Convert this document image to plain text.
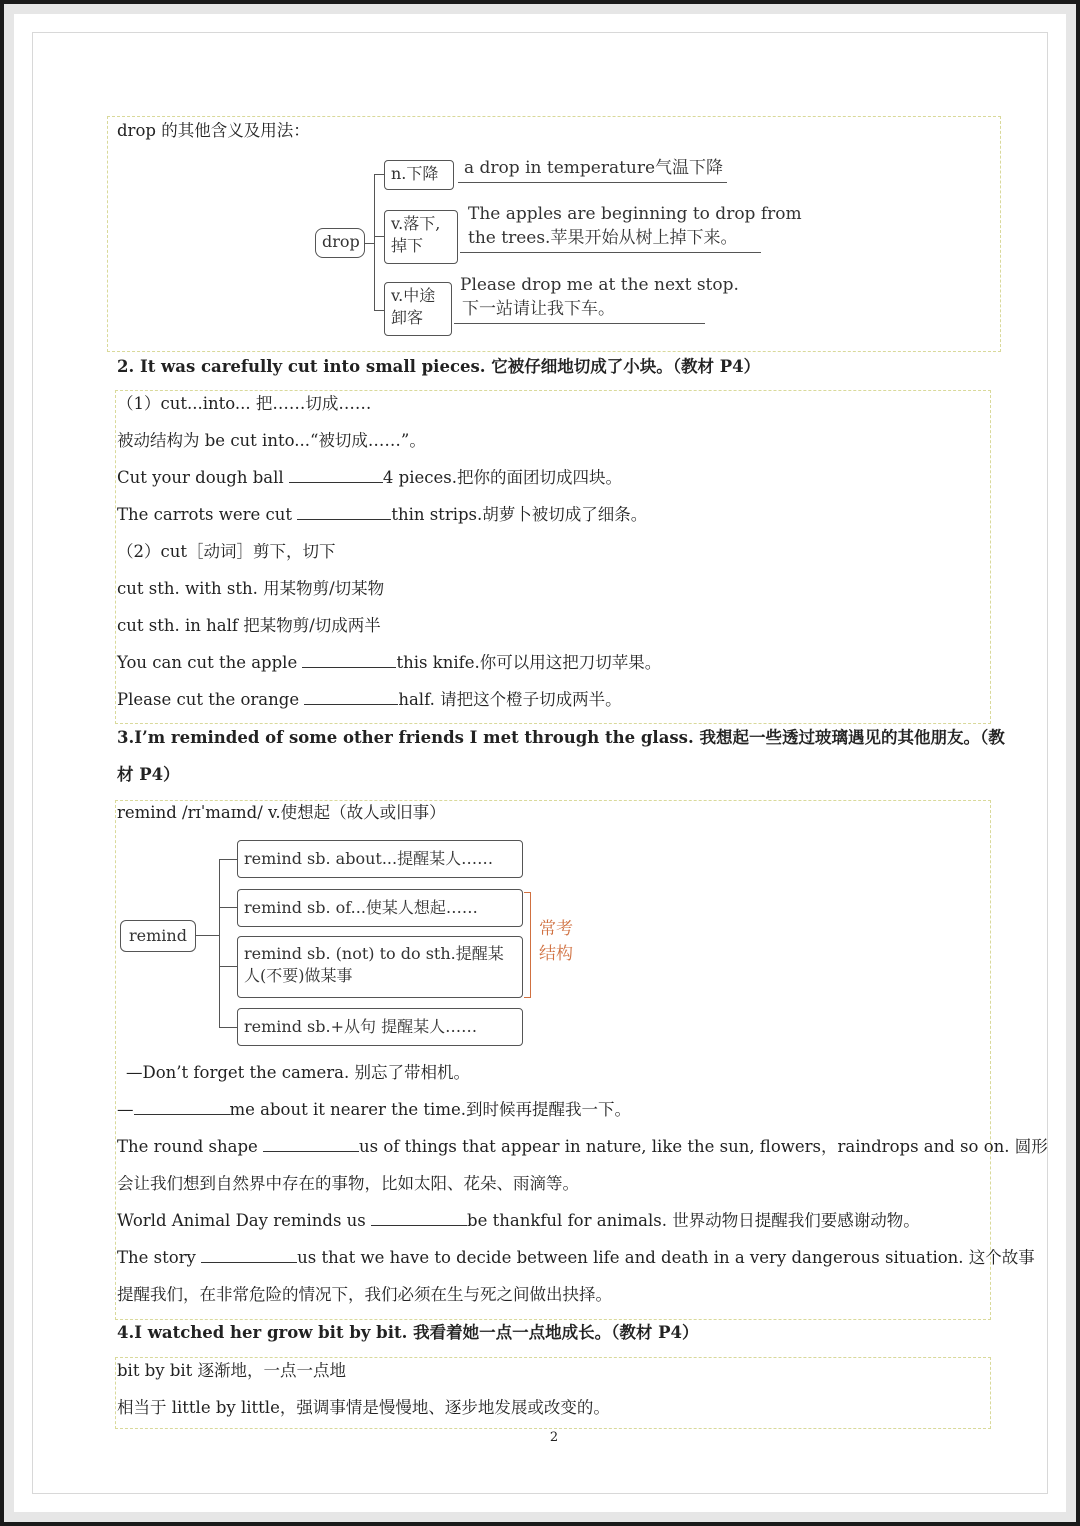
drop 的其他含义及用法：
drop
n.下降
v.落下,
掉下
v.中途
卸客
a drop in temperature气温下降
The apples are beginning to drop from
the trees.苹果开始从树上掉下来。
Please drop me at the next stop.
下一站请让我下车。
2. It was carefully cut into small pieces. 它被仔细地切成了小块。（教材 P4）
（1）cut...into... 把……切成……
被动结构为 be cut into...“被切成……”。
Cut your dough ball	4 pieces.把你的面团切成四块。
The carrots were cut	thin strips.胡萝卜被切成了细条。
（2）cut［动词］剪下，切下
cut sth. with sth. 用某物剪/切某物
cut sth. in half 把某物剪/切成两半
You can cut the apple	this knife.你可以用这把刀切苹果。
Please cut the orange	half. 请把这个橙子切成两半。
3.I’m reminded of some other friends I met through the glass. 我想起一些透过玻璃遇见的其他朋友。（教
材 P4）
remind /rɪˈmaɪnd/ v.使想起（故人或旧事）
remind
remind sb. about...提醒某人……
remind sb. of...使某人想起……
remind sb. (not) to do sth.提醒某
人(不要)做某事
remind sb.+从句 提醒某人……
常考
结构
—Don’t forget the camera. 别忘了带相机。
—	me about it nearer the time.到时候再提醒我一下。
The round shape	us of things that appear in nature, like the sun, flowers，raindrops and so on. 圆形
会让我们想到自然界中存在的事物，比如太阳、花朵、雨滴等。
World Animal Day reminds us	be thankful for animals. 世界动物日提醒我们要感谢动物。
The story	us that we have to decide between life and death in a very dangerous situation. 这个故事
提醒我们，在非常危险的情况下，我们必须在生与死之间做出抉择。
4.I watched her grow bit by bit. 我看着她一点一点地成长。（教材 P4）
bit by bit 逐渐地，一点一点地
相当于 little by little，强调事情是慢慢地、逐步地发展或改变的。
2
